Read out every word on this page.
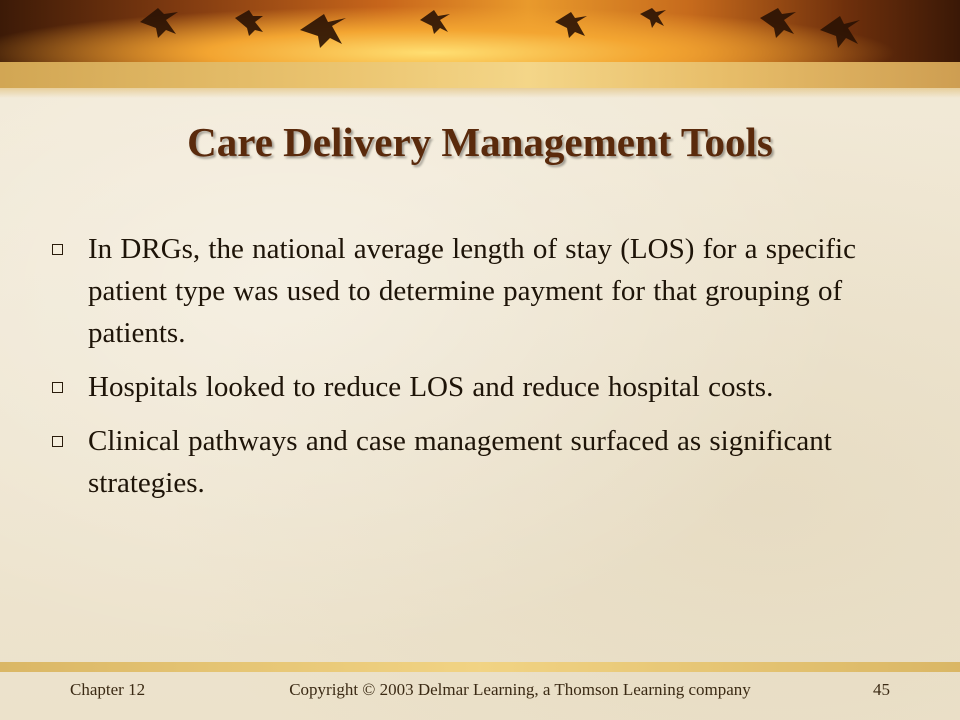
Care Delivery Management Tools
In DRGs, the national average length of stay (LOS) for a specific patient type was used to determine payment for that grouping of patients.
Hospitals looked to reduce LOS and reduce hospital costs.
Clinical pathways and case management surfaced as significant strategies.
Chapter 12	Copyright © 2003 Delmar Learning, a Thomson Learning company	45
